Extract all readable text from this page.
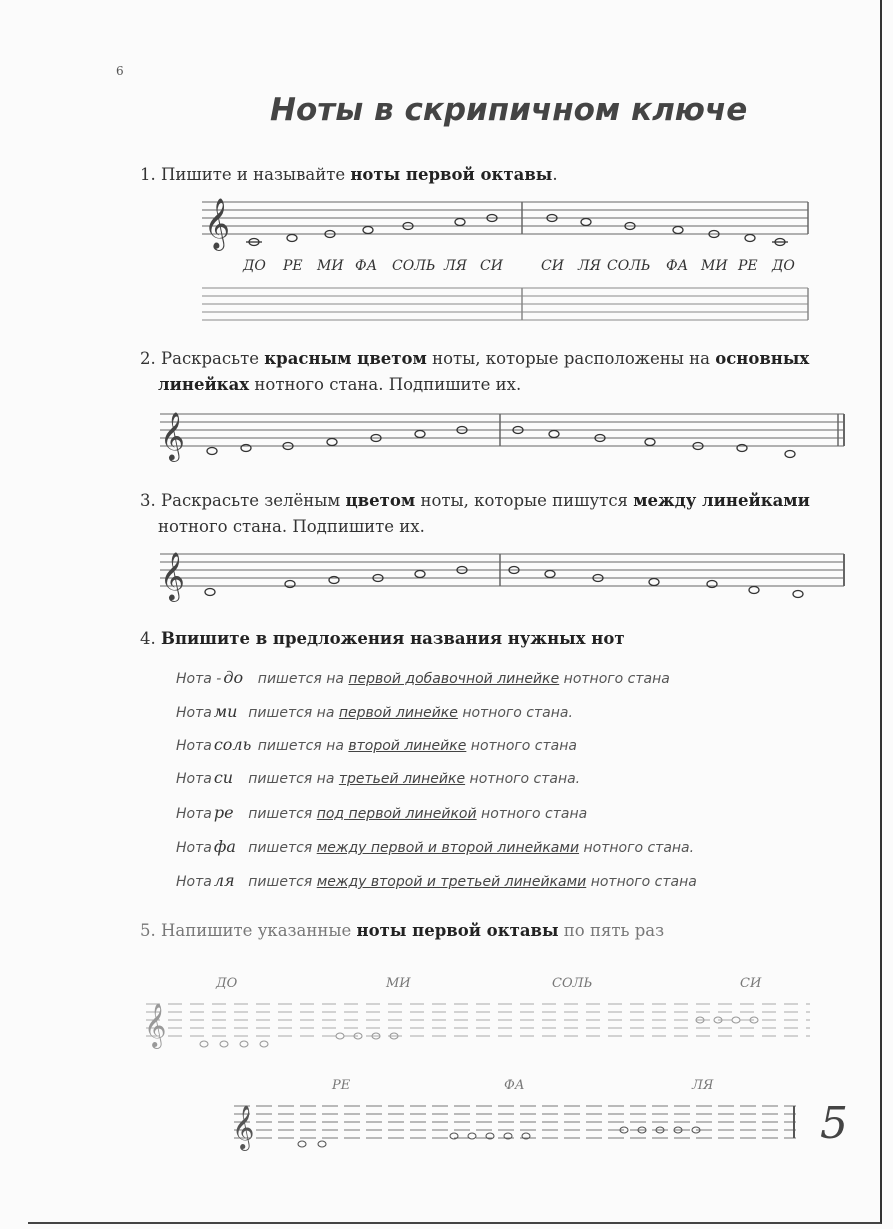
6
Ноты в скрипичном ключе
1. Пишите и называйте ноты первой октавы.
𝄞
ДО РЕ МИ ФА СОЛЬ ЛЯ СИ	СИ ЛЯ СОЛЬ ФА МИ РЕ ДО
2. Раскрасьте красным цветом ноты, которые расположены на основных
линейках нотного стана. Подпишите их.
𝄞
3. Раскрасьте зелёным цветом ноты, которые пишутся между линейками
нотного стана. Подпишите их.
𝄞
4. Впишите в предложения названия нужных нот
Нота - до пишется на первой добавочной линейке нотного стана
Нота ми пишется на первой линейке нотного стана.
Нота соль пишется на второй линейке нотного стана
Нота си пишется на третьей линейке нотного стана.
Нота ре пишется под первой линейкой нотного стана
Нота фа пишется между первой и второй линейками нотного стана.
Нота ля пишется между второй и третьей линейками нотного стана
5. Напишите указанные ноты первой октавы по пять раз
ДО	МИ	СОЛЬ	СИ
𝄞
РЕ	ФА	ЛЯ
𝄞	5
